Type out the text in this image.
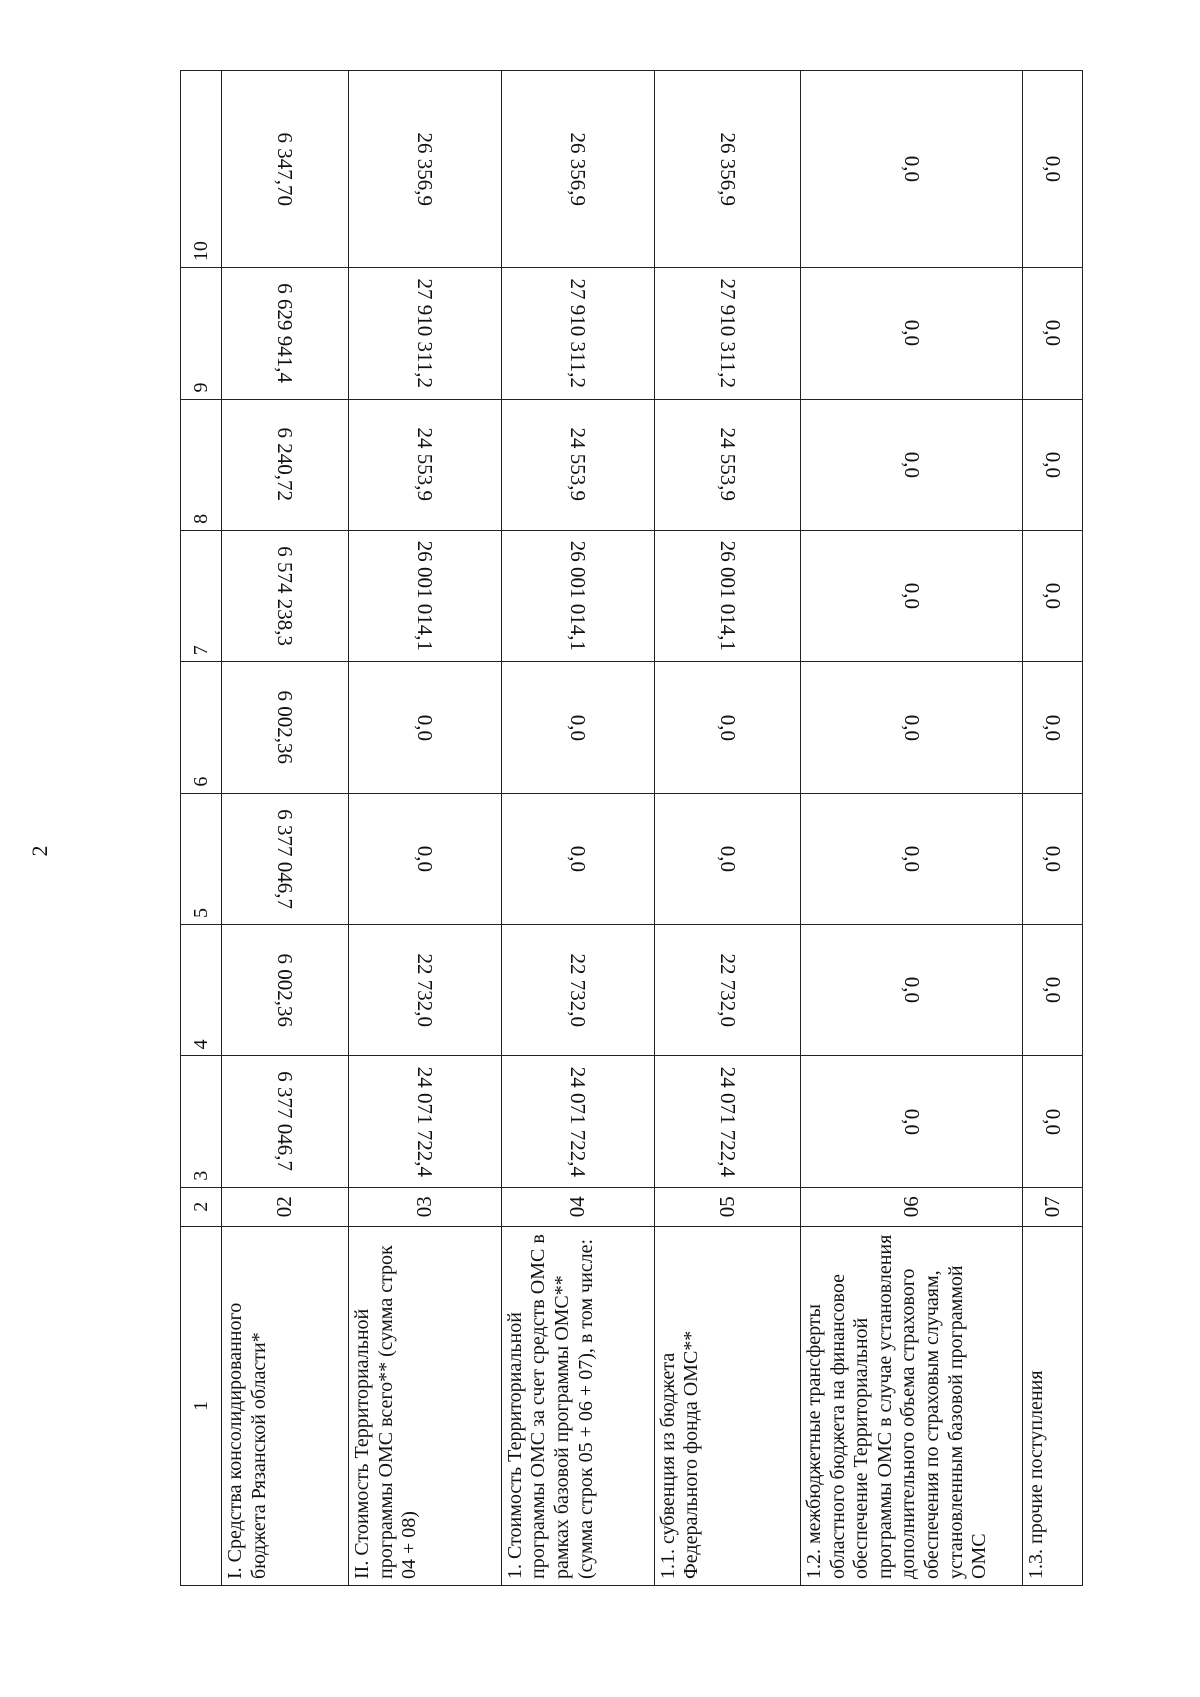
2
1	2	3	4	5	6	7	8	9	10
I. Средства консолидированного бюджета Рязанской области*	02	6 377 046,7	6 002,36	6 377 046,7	6 002,36	6 574 238,3	6 240,72	6 629 941,4	6 347,70
II. Стоимость Территориальной программы ОМС всего** (сумма строк 04 + 08)	03	24 071 722,4	22 732,0	0,0	0,0	26 001 014,1	24 553,9	27 910 311,2	26 356,9
1. Стоимость Территориальной программы ОМС за счет средств ОМС в рамках базовой программы ОМС** (сумма строк 05 + 06 + 07), в том числе:	04	24 071 722,4	22 732,0	0,0	0,0	26 001 014,1	24 553,9	27 910 311,2	26 356,9
1.1. субвенция из бюджета Федерального фонда ОМС**	05	24 071 722,4	22 732,0	0,0	0,0	26 001 014,1	24 553,9	27 910 311,2	26 356,9
1.2. межбюджетные трансферты областного бюджета на финансовое обеспечение Территориальной программы ОМС в случае установления дополнительного объема страхового обеспечения по страховым случаям, установленным базовой программой ОМС	06	0,0	0,0	0,0	0,0	0,0	0,0	0,0	0,0
1.3. прочие поступления	07	0,0	0,0	0,0	0,0	0,0	0,0	0,0	0,0
